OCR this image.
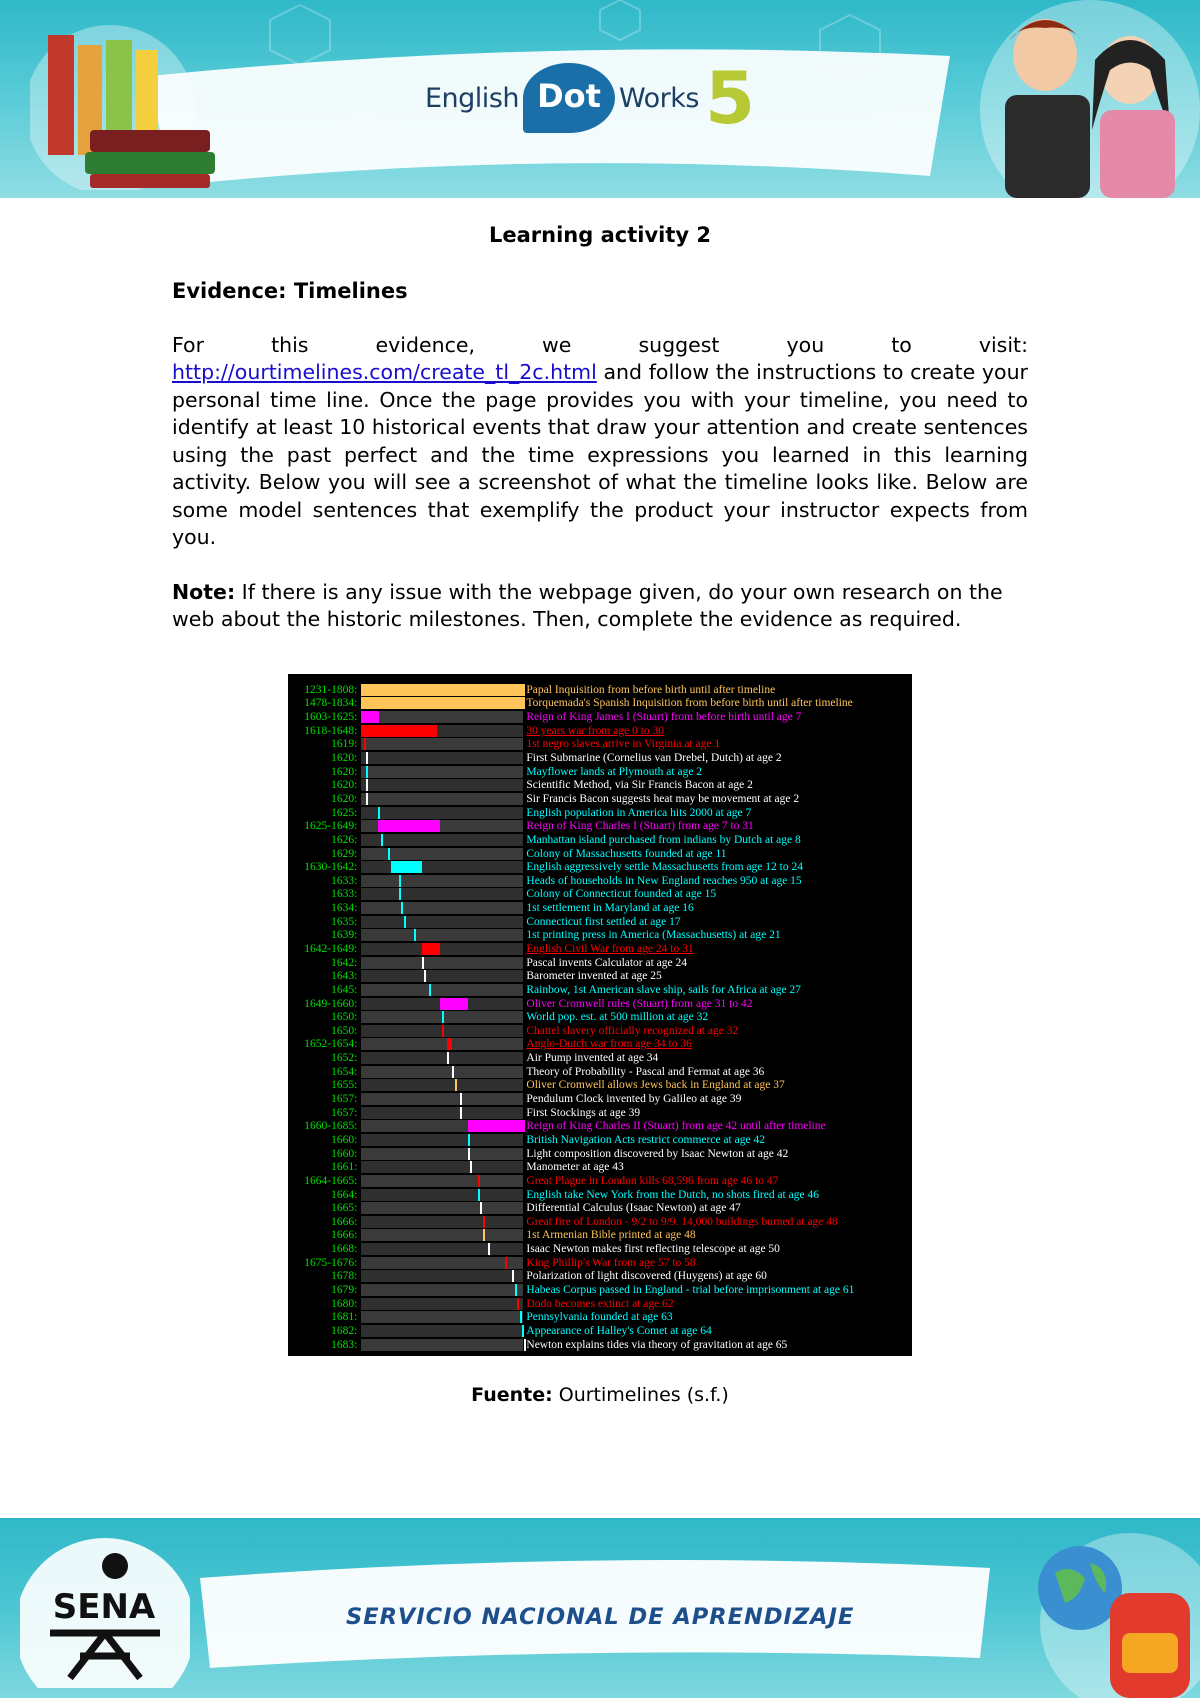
English Dot Works 5

Learning activity 2

Evidence: Timelines

For this evidence, we suggest you to visit: http://ourtimelines.com/create_tl_2c.html and follow the instructions to create your personal time line. Once the page provides you with your timeline, you need to identify at least 10 historical events that draw your attention and create sentences using the past perfect and the time expressions you learned in this learning activity. Below you will see a screenshot of what the timeline looks like. Below are some model sentences that exemplify the product your instructor expects from you.

Note: If there is any issue with the webpage given, do your own research on the web about the historic milestones. Then, complete the evidence as required.

1231-1808:	Papal Inquisition from before birth until after timeline
1478-1834:	Torquemada's Spanish Inquisition from before birth until after timeline
1603-1625:	Reign of King James I (Stuart) from before birth until age 7
1618-1648:	30 years war from age 0 to 30
1619:	1st negro slaves arrive in Virginia at age 1
1620:	First Submarine (Cornelius van Drebel, Dutch) at age 2
1620:	Mayflower lands at Plymouth at age 2
1620:	Scientific Method, via Sir Francis Bacon at age 2
1620:	Sir Francis Bacon suggests heat may be movement at age 2
1625:	English population in America hits 2000 at age 7
1625-1649:	Reign of King Charles I (Stuart) from age 7 to 31
1626:	Manhattan island purchased from indians by Dutch at age 8
1629:	Colony of Massachusetts founded at age 11
1630-1642:	English aggressively settle Massachusetts from age 12 to 24
1633:	Heads of households in New England reaches 950 at age 15
1633:	Colony of Connecticut founded at age 15
1634:	1st settlement in Maryland at age 16
1635:	Connecticut first settled at age 17
1639:	1st printing press in America (Massachusetts) at age 21
1642-1649:	English Civil War from age 24 to 31
1642:	Pascal invents Calculator at age 24
1643:	Barometer invented at age 25
1645:	Rainbow, 1st American slave ship, sails for Africa at age 27
1649-1660:	Oliver Cromwell rules (Stuart) from age 31 to 42
1650:	World pop. est. at 500 million at age 32
1650:	Chattel slavery officially recognized at age 32
1652-1654:	Anglo-Dutch war from age 34 to 36
1652:	Air Pump invented at age 34
1654:	Theory of Probability - Pascal and Fermat at age 36
1655:	Oliver Cromwell allows Jews back in England at age 37
1657:	Pendulum Clock invented by Galileo at age 39
1657:	First Stockings at age 39
1660-1685:	Reign of King Charles II (Stuart) from age 42 until after timeline
1660:	British Navigation Acts restrict commerce at age 42
1660:	Light composition discovered by Isaac Newton at age 42
1661:	Manometer at age 43
1664-1665:	Great Plague in London kills 68,596 from age 46 to 47
1664:	English take New York from the Dutch, no shots fired at age 46
1665:	Differential Calculus (Isaac Newton) at age 47
1666:	Great fire of London - 9/2 to 9/9. 14,000 buildings burned at age 48
1666:	1st Armenian Bible printed at age 48
1668:	Isaac Newton makes first reflecting telescope at age 50
1675-1676:	King Phillip's War from age 57 to 58
1678:	Polarization of light discovered (Huygens) at age 60
1679:	Habeas Corpus passed in England - trial before imprisonment at age 61
1680:	Dodo becomes extinct at age 62
1681:	Pennsylvania founded at age 63
1682:	Appearance of Halley's Comet at age 64
1683:	Newton explains tides via theory of gravitation at age 65
Fuente: Ourtimelines (s.f.)
SENA	SERVICIO NACIONAL DE APRENDIZAJE
